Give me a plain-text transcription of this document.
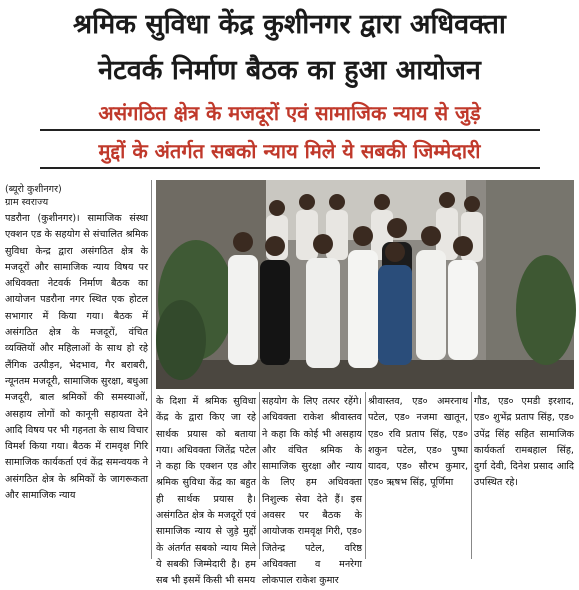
श्रमिक सुविधा केंद्र कुशीनगर द्वारा अधिवक्ता
नेटवर्क निर्माण बैठक का हुआ आयोजन
असंगठित क्षेत्र के मजदूरों एवं सामाजिक न्याय से जुड़े
मुद्दों के अंतर्गत सबको न्याय मिले ये सबकी जिम्मेदारी
(ब्यूरो कुशीनगर)
ग्राम स्वराज्य
पडरौना (कुशीनगर)। सामाजिक संस्था एक्शन एड के सहयोग से संचालित श्रमिक सुविधा केन्द्र द्वारा असंगठित क्षेत्र के मजदूरों और सामाजिक न्याय विषय पर अधिवक्ता नेटवर्क निर्माण बैठक का आयोजन पडरौना नगर स्थित एक होटल सभागार में किया गया। बैठक में असंगठित क्षेत्र के मजदूरों, वंचित व्यक्तियों और महिलाओं के साथ हो रहे लैंगिक उत्पीड़न, भेदभाव, गैर बराबरी, न्यूनतम मजदूरी, सामाजिक सुरक्षा, बधुआ मजदूरी, बाल श्रमिकों की समस्याओं, असहाय लोगों को कानूनी सहायता देने आदि विषय पर भी गहनता के साथ विचार विमर्श किया गया। बैठक में रामवृक्ष गिरि सामाजिक कार्यकर्ता एवं केंद्र समन्वयक ने असंगठित क्षेत्र के श्रमिकों के जागरूकता और सामाजिक न्याय
के दिशा में श्रमिक सुविधा केंद्र के द्वारा किए जा रहे सार्थक प्रयास को बताया गया। अधिवक्ता जितेंद्र पटेल ने कहा कि एक्शन एड और श्रमिक सुविधा केंद्र का बहुत ही सार्थक प्रयास है। असंगठित क्षेत्र के मजदूरों एवं सामाजिक न्याय से जुड़े मुद्दों के अंतर्गत सबको न्याय मिले ये सबकी जिम्मेदारी है। हम सब भी इसमें किसी भी समय
सहयोग के लिए तत्पर रहेंगे। अधिवक्ता राकेश श्रीवास्तव ने कहा कि कोई भी असहाय और वंचित श्रमिक के सामाजिक सुरक्षा और न्याय के लिए हम अधिवक्ता निशुल्क सेवा देते हैं। इस अवसर पर बैठक के आयोजक रामवृक्ष गिरी, एड० जितेन्द्र पटेल, वरिष्ठ अधिवक्ता व मनरेगा लोकपाल राकेश कुमार
श्रीवास्तव, एड० अमरनाथ पटेल, एड० नजमा खातून, एड० रवि प्रताप सिंह, एड० शकुन पटेल, एड० पुष्पा यादव, एड० सौरभ कुमार, एड० ऋषभ सिंह, पूर्णिमा
गौड, एड० एमडी इरशाद, एड० शुभेंद्र प्रताप सिंह, एड० उपेंद्र सिंह सहित सामाजिक कार्यकर्ता रामबहाल सिंह, दुर्गा देवी, दिनेश प्रसाद आदि उपस्थित रहे।
